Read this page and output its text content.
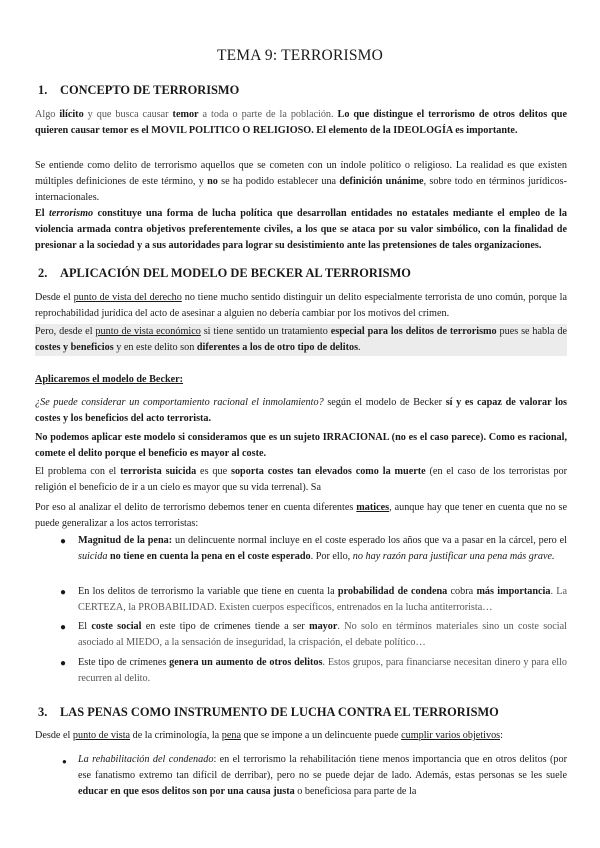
TEMA 9: TERRORISMO
1. CONCEPTO DE TERRORISMO

Algo ilícito y que busca causar temor a toda o parte de la población. Lo que distingue el terrorismo de otros delitos que quieren causar temor es el MOVIL POLITICO O RELIGIOSO. El elemento de la IDEOLOGÍA es importante.

Se entiende como delito de terrorismo aquellos que se cometen con un índole político o religioso. La realidad es que existen múltiples definiciones de este término, y no se ha podido establecer una definición unánime, sobre todo en términos jurídicos-internacionales.

El terrorismo constituye una forma de lucha política que desarrollan entidades no estatales mediante el empleo de la violencia armada contra objetivos preferentemente civiles, a los que se ataca por su valor simbólico, con la finalidad de presionar a la sociedad y a sus autoridades para lograr su desistimiento ante las pretensiones de tales organizaciones.

2. APLICACIÓN DEL MODELO DE BECKER AL TERRORISMO

Desde el punto de vista del derecho no tiene mucho sentido distinguir un delito especialmente terrorista de uno común, porque la reprochabilidad jurídica del acto de asesinar a alguien no debería cambiar por los motivos del crimen.

Pero, desde el punto de vista económico si tiene sentido un tratamiento especial para los delitos de terrorismo pues se habla de costes y beneficios y en este delito son diferentes a los de otro tipo de delitos.

Aplicaremos el modelo de Becker:

¿Se puede considerar un comportamiento racional el inmolamiento? según el modelo de Becker sí y es capaz de valorar los costes y los beneficios del acto terrorista.

No podemos aplicar este modelo si consideramos que es un sujeto IRRACIONAL (no es el caso parece). Como es racional, comete el delito porque el beneficio es mayor al coste.

El problema con el terrorista suicida es que soporta costes tan elevados como la muerte (en el caso de los terroristas por religión el beneficio de ir a un cielo es mayor que su vida terrenal). Sa

Por eso al analizar el delito de terrorismo debemos tener en cuenta diferentes matices, aunque hay que tener en cuenta que no se puede generalizar a los actos terroristas:

● Magnitud de la pena: un delincuente normal incluye en el coste esperado los años que va a pasar en la cárcel, pero el suicida no tiene en cuenta la pena en el coste esperado. Por ello, no hay razón para justificar una pena más grave.

● En los delitos de terrorismo la variable que tiene en cuenta la probabilidad de condena cobra más importancia. La CERTEZA, la PROBABILIDAD. Existen cuerpos específicos, entrenados en la lucha antiterrorista…

● El coste social en este tipo de crímenes tiende a ser mayor. No solo en términos materiales sino un coste social asociado al MIEDO, a la sensación de inseguridad, la crispación, el debate político…

● Este tipo de crímenes genera un aumento de otros delitos. Estos grupos, para financiarse necesitan dinero y para ello recurren al delito.

3. LAS PENAS COMO INSTRUMENTO DE LUCHA CONTRA EL TERRORISMO

Desde el punto de vista de la criminología, la pena que se impone a un delincuente puede cumplir varios objetivos:

● La rehabilitación del condenado: en el terrorismo la rehabilitación tiene menos importancia que en otros delitos (por ese fanatismo extremo tan difícil de derribar), pero no se puede dejar de lado. Además, estas personas se les suele educar en que esos delitos son por una causa justa o beneficiosa para parte de la
